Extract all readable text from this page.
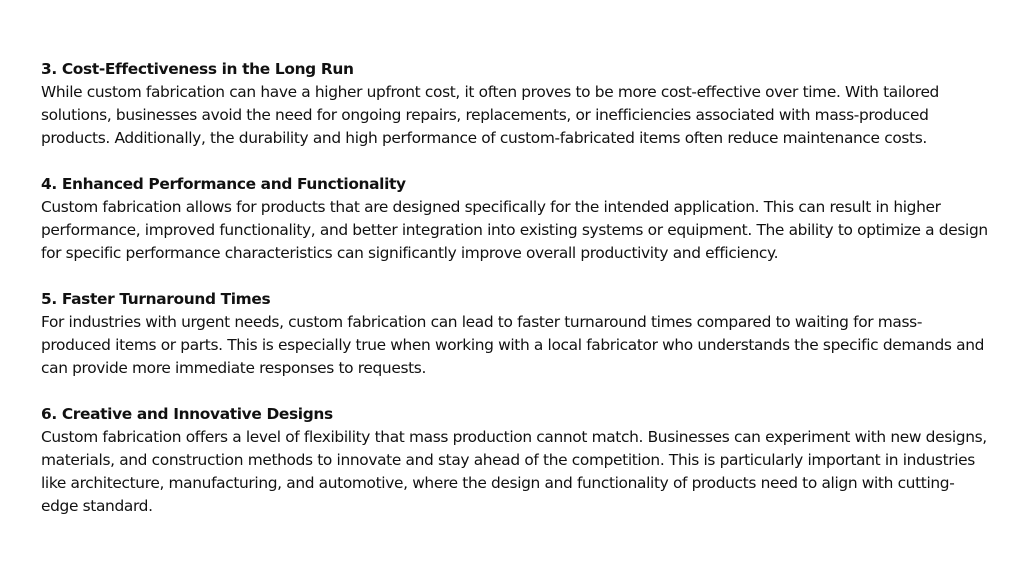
3. Cost-Effectiveness in the Long Run
While custom fabrication can have a higher upfront cost, it often proves to be more cost-effective over time. With tailored solutions, businesses avoid the need for ongoing repairs, replacements, or inefficiencies associated with mass-produced products. Additionally, the durability and high performance of custom-fabricated items often reduce maintenance costs.
4. Enhanced Performance and Functionality
Custom fabrication allows for products that are designed specifically for the intended application. This can result in higher performance, improved functionality, and better integration into existing systems or equipment. The ability to optimize a design for specific performance characteristics can significantly improve overall productivity and efficiency.
5. Faster Turnaround Times
For industries with urgent needs, custom fabrication can lead to faster turnaround times compared to waiting for mass-produced items or parts. This is especially true when working with a local fabricator who understands the specific demands and can provide more immediate responses to requests.
6. Creative and Innovative Designs
Custom fabrication offers a level of flexibility that mass production cannot match. Businesses can experiment with new designs, materials, and construction methods to innovate and stay ahead of the competition. This is particularly important in industries like architecture, manufacturing, and automotive, where the design and functionality of products need to align with cutting-edge standard.
